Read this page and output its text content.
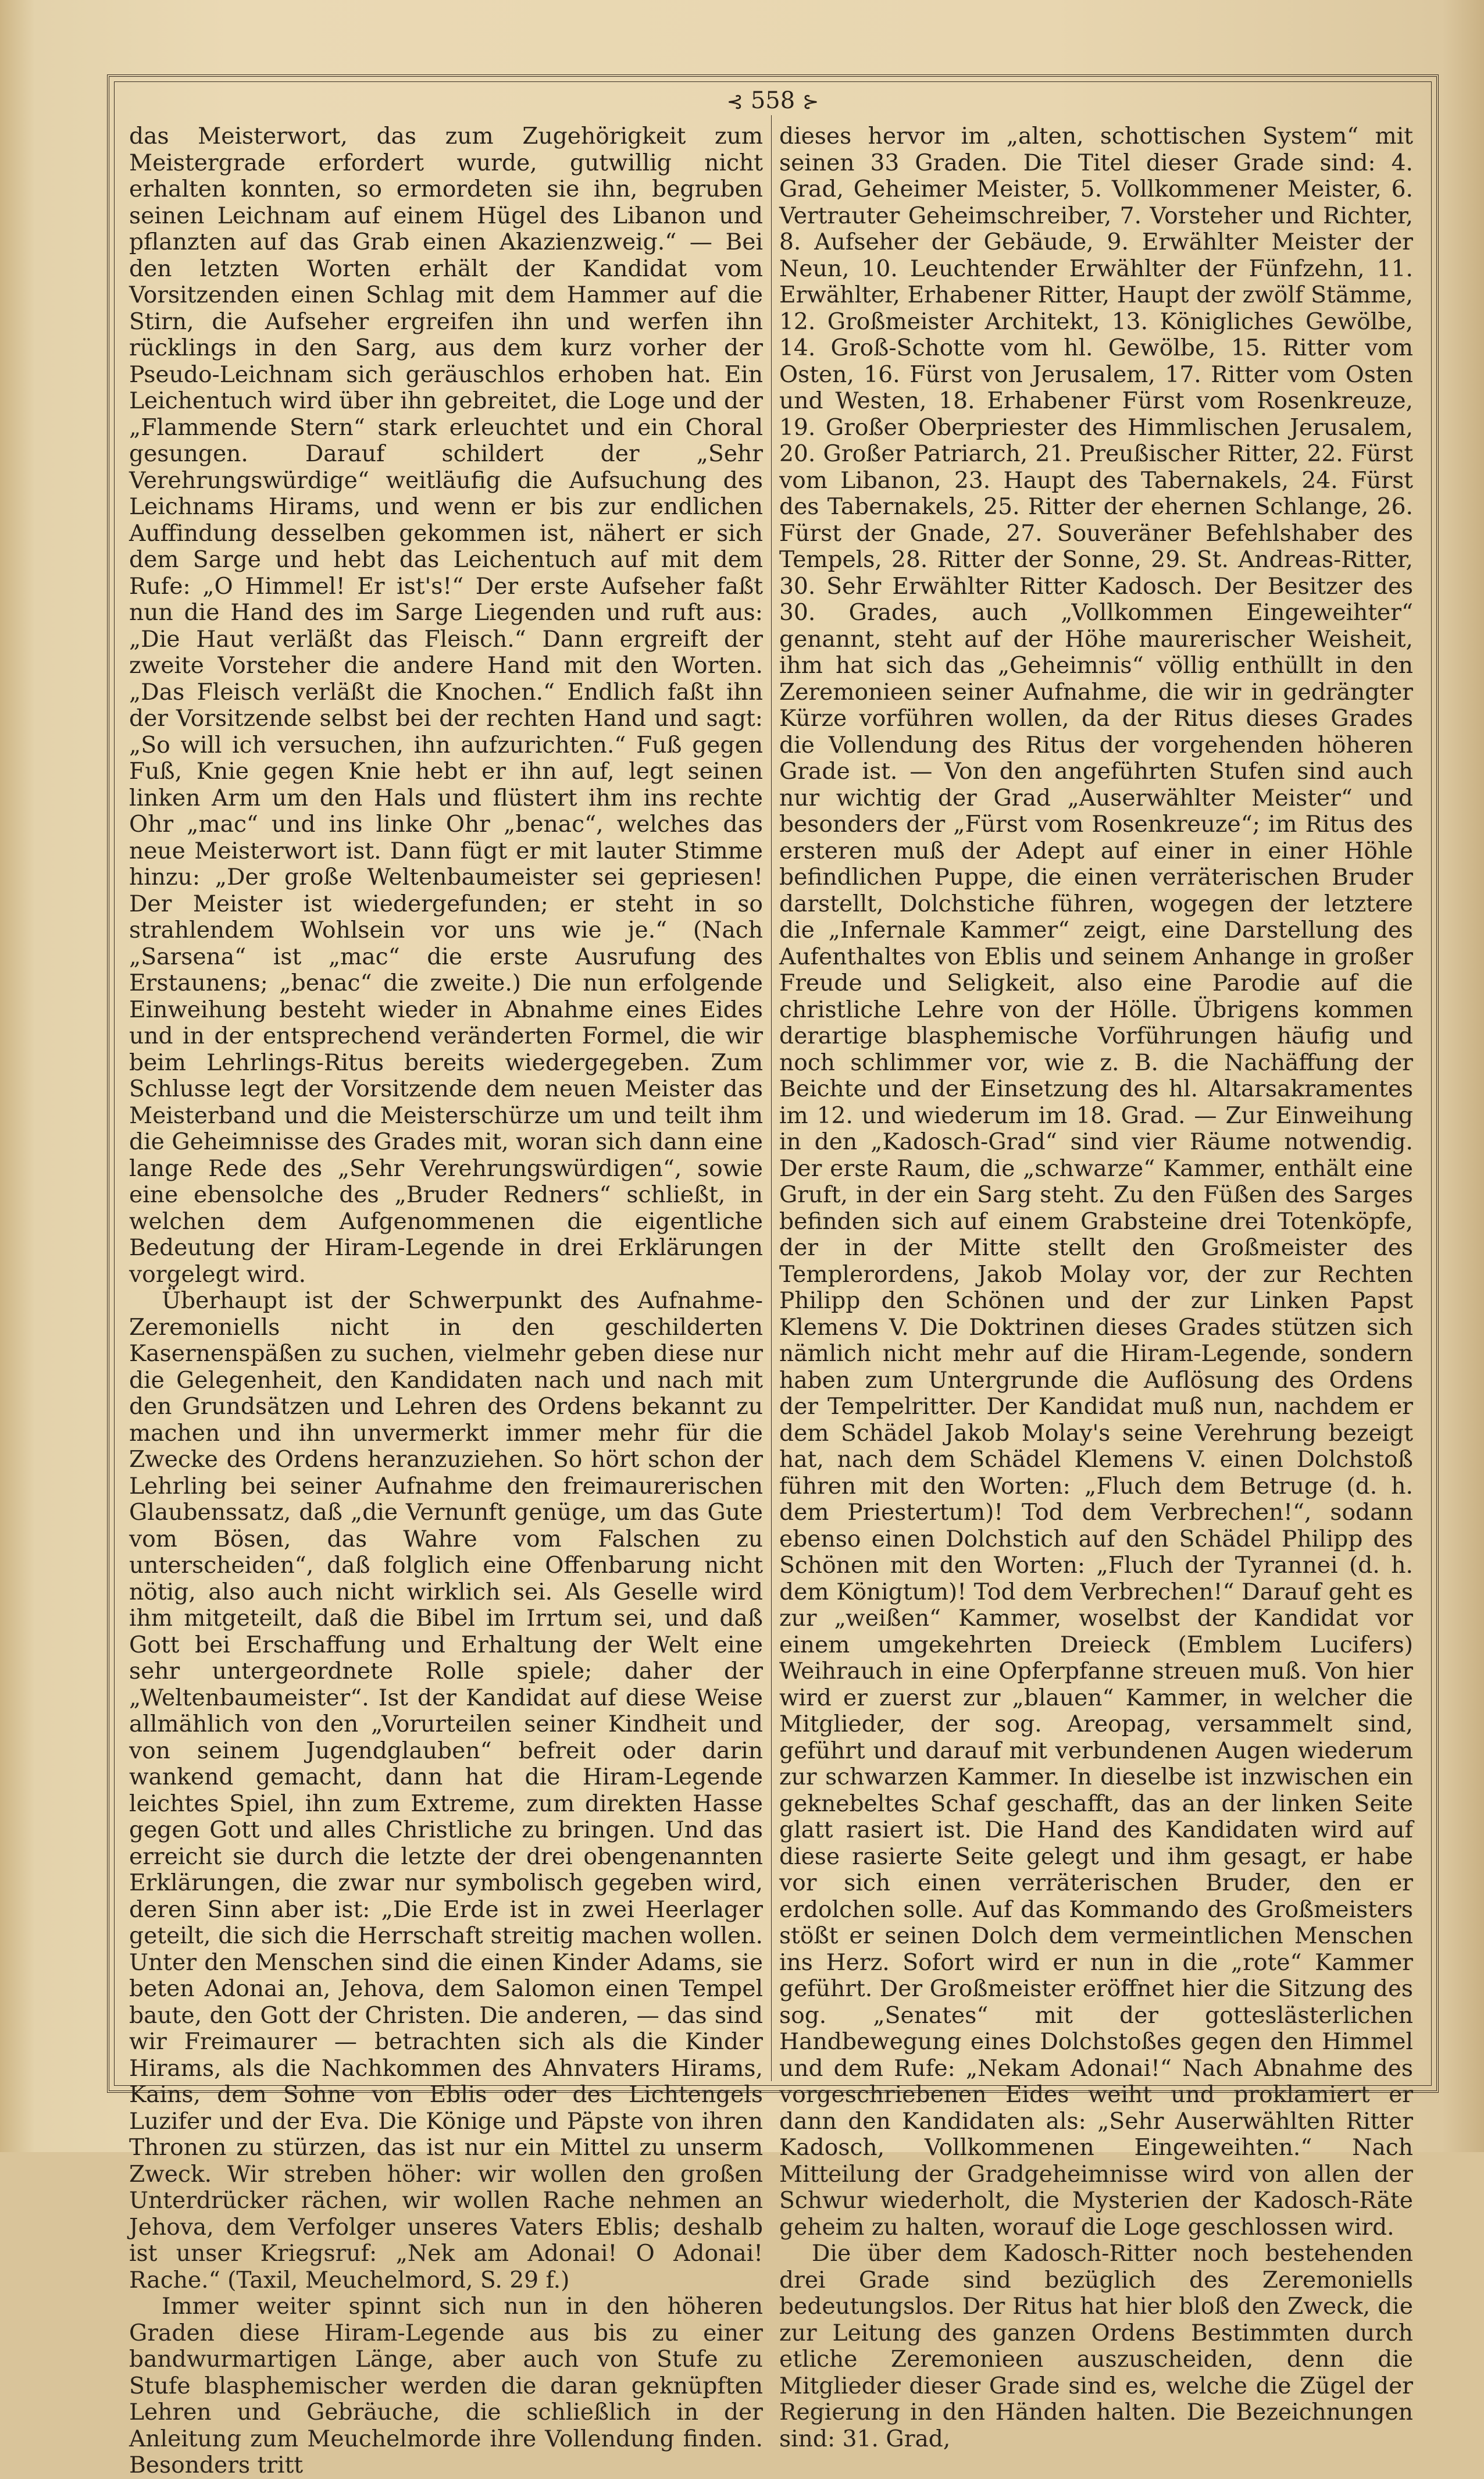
⊰ 558 ⊱

das Meisterwort, das zum Zugehörigkeit zum Meistergrade erfordert wurde, gutwillig nicht erhalten konnten, so ermordeten sie ihn, begruben seinen Leichnam auf einem Hügel des Libanon und pflanzten auf das Grab einen Akazienzweig.“ — Bei den letzten Worten erhält der Kandidat vom Vorsitzenden einen Schlag mit dem Hammer auf die Stirn, die Aufseher ergreifen ihn und werfen ihn rücklings in den Sarg, aus dem kurz vorher der Pseudo-Leichnam sich geräuschlos erhoben hat. Ein Leichentuch wird über ihn gebreitet, die Loge und der „Flammende Stern“ stark erleuchtet und ein Choral gesungen. Darauf schildert der „Sehr Verehrungswürdige“ weitläufig die Aufsuchung des Leichnams Hirams, und wenn er bis zur endlichen Auffindung desselben gekommen ist, nähert er sich dem Sarge und hebt das Leichentuch auf mit dem Rufe: „O Himmel! Er ist's!“ Der erste Aufseher faßt nun die Hand des im Sarge Liegenden und ruft aus: „Die Haut verläßt das Fleisch.“ Dann ergreift der zweite Vorsteher die andere Hand mit den Worten. „Das Fleisch verläßt die Knochen.“ Endlich faßt ihn der Vorsitzende selbst bei der rechten Hand und sagt: „So will ich versuchen, ihn aufzurichten.“ Fuß gegen Fuß, Knie gegen Knie hebt er ihn auf, legt seinen linken Arm um den Hals und flüstert ihm ins rechte Ohr „mac“ und ins linke Ohr „benac“, welches das neue Meisterwort ist. Dann fügt er mit lauter Stimme hinzu: „Der große Weltenbaumeister sei gepriesen! Der Meister ist wiedergefunden; er steht in so strahlendem Wohlsein vor uns wie je.“ (Nach „Sarsena“ ist „mac“ die erste Ausrufung des Erstaunens; „benac“ die zweite.) Die nun erfolgende Einweihung besteht wieder in Abnahme eines Eides und in der entsprechend veränderten Formel, die wir beim Lehrlings-Ritus bereits wiedergegeben. Zum Schlusse legt der Vorsitzende dem neuen Meister das Meisterband und die Meisterschürze um und teilt ihm die Geheimnisse des Grades mit, woran sich dann eine lange Rede des „Sehr Verehrungswürdigen“, sowie eine ebensolche des „Bruder Redners“ schließt, in welchen dem Aufgenommenen die eigentliche Bedeutung der Hiram-Legende in drei Erklärungen vorgelegt wird.

Überhaupt ist der Schwerpunkt des Aufnahme-Zeremoniells nicht in den geschilderten Kasernenspäßen zu suchen, vielmehr geben diese nur die Gelegenheit, den Kandidaten nach und nach mit den Grundsätzen und Lehren des Ordens bekannt zu machen und ihn unvermerkt immer mehr für die Zwecke des Ordens heranzuziehen. So hört schon der Lehrling bei seiner Aufnahme den freimaurerischen Glaubenssatz, daß „die Vernunft genüge, um das Gute vom Bösen, das Wahre vom Falschen zu unterscheiden“, daß folglich eine Offenbarung nicht nötig, also auch nicht wirklich sei. Als Geselle wird ihm mitgeteilt, daß die Bibel im Irrtum sei, und daß Gott bei Erschaffung und Erhaltung der Welt eine sehr untergeordnete Rolle spiele; daher der „Weltenbaumeister“. Ist der Kandidat auf diese Weise allmählich von den „Vorurteilen seiner Kindheit und von seinem Jugendglauben“ befreit oder darin wankend gemacht, dann hat die Hiram-Legende leichtes Spiel, ihn zum Extreme, zum direkten Hasse gegen Gott und alles Christliche zu bringen. Und das erreicht sie durch die letzte der drei obengenannten Erklärungen, die zwar nur symbolisch gegeben wird, deren Sinn aber ist: „Die Erde ist in zwei Heerlager geteilt, die sich die Herrschaft streitig machen wollen. Unter den Menschen sind die einen Kinder Adams, sie beten Adonai an, Jehova, dem Salomon einen Tempel baute, den Gott der Christen. Die anderen, — das sind wir Freimaurer — betrachten sich als die Kinder Hirams, als die Nachkommen des Ahnvaters Hirams, Kains, dem Sohne von Eblis oder des Lichtengels Luzifer und der Eva. Die Könige und Päpste von ihren Thronen zu stürzen, das ist nur ein Mittel zu unserm Zweck. Wir streben höher: wir wollen den großen Unterdrücker rächen, wir wollen Rache nehmen an Jehova, dem Verfolger unseres Vaters Eblis; deshalb ist unser Kriegsruf: „Nek am Adonai! O Adonai! Rache.“ (Taxil, Meuchelmord, S. 29 f.)

Immer weiter spinnt sich nun in den höheren Graden diese Hiram-Legende aus bis zu einer bandwurmartigen Länge, aber auch von Stufe zu Stufe blasphemischer werden die daran geknüpften Lehren und Gebräuche, die schließlich in der Anleitung zum Meuchelmorde ihre Vollendung finden. Besonders tritt

dieses hervor im „alten, schottischen System“ mit seinen 33 Graden. Die Titel dieser Grade sind: 4. Grad, Geheimer Meister, 5. Vollkommener Meister, 6. Vertrauter Geheimschreiber, 7. Vorsteher und Richter, 8. Aufseher der Gebäude, 9. Erwählter Meister der Neun, 10. Leuchtender Erwählter der Fünfzehn, 11. Erwählter, Erhabener Ritter, Haupt der zwölf Stämme, 12. Großmeister Architekt, 13. Königliches Gewölbe, 14. Groß-Schotte vom hl. Gewölbe, 15. Ritter vom Osten, 16. Fürst von Jerusalem, 17. Ritter vom Osten und Westen, 18. Erhabener Fürst vom Rosenkreuze, 19. Großer Oberpriester des Himmlischen Jerusalem, 20. Großer Patriarch, 21. Preußischer Ritter, 22. Fürst vom Libanon, 23. Haupt des Tabernakels, 24. Fürst des Tabernakels, 25. Ritter der ehernen Schlange, 26. Fürst der Gnade, 27. Souveräner Befehlshaber des Tempels, 28. Ritter der Sonne, 29. St. Andreas-Ritter, 30. Sehr Erwählter Ritter Kadosch. Der Besitzer des 30. Grades, auch „Vollkommen Eingeweihter“ genannt, steht auf der Höhe maurerischer Weisheit, ihm hat sich das „Geheimnis“ völlig enthüllt in den Zeremonieen seiner Aufnahme, die wir in gedrängter Kürze vorführen wollen, da der Ritus dieses Grades die Vollendung des Ritus der vorgehenden höheren Grade ist. — Von den angeführten Stufen sind auch nur wichtig der Grad „Auserwählter Meister“ und besonders der „Fürst vom Rosenkreuze“; im Ritus des ersteren muß der Adept auf einer in einer Höhle befindlichen Puppe, die einen verräterischen Bruder darstellt, Dolchstiche führen, wogegen der letztere die „Infernale Kammer“ zeigt, eine Darstellung des Aufenthaltes von Eblis und seinem Anhange in großer Freude und Seligkeit, also eine Parodie auf die christliche Lehre von der Hölle. Übrigens kommen derartige blasphemische Vorführungen häufig und noch schlimmer vor, wie z. B. die Nachäffung der Beichte und der Einsetzung des hl. Altarsakramentes im 12. und wiederum im 18. Grad. — Zur Einweihung in den „Kadosch-Grad“ sind vier Räume notwendig. Der erste Raum, die „schwarze“ Kammer, enthält eine Gruft, in der ein Sarg steht. Zu den Füßen des Sarges befinden sich auf einem Grabsteine drei Totenköpfe, der in der Mitte stellt den Großmeister des Templerordens, Jakob Molay vor, der zur Rechten Philipp den Schönen und der zur Linken Papst Klemens V. Die Doktrinen dieses Grades stützen sich nämlich nicht mehr auf die Hiram-Legende, sondern haben zum Untergrunde die Auflösung des Ordens der Tempelritter. Der Kandidat muß nun, nachdem er dem Schädel Jakob Molay's seine Verehrung bezeigt hat, nach dem Schädel Klemens V. einen Dolchstoß führen mit den Worten: „Fluch dem Betruge (d. h. dem Priestertum)! Tod dem Verbrechen!“, sodann ebenso einen Dolchstich auf den Schädel Philipp des Schönen mit den Worten: „Fluch der Tyrannei (d. h. dem Königtum)! Tod dem Verbrechen!“ Darauf geht es zur „weißen“ Kammer, woselbst der Kandidat vor einem umgekehrten Dreieck (Emblem Lucifers) Weihrauch in eine Opferpfanne streuen muß. Von hier wird er zuerst zur „blauen“ Kammer, in welcher die Mitglieder, der sog. Areopag, versammelt sind, geführt und darauf mit verbundenen Augen wiederum zur schwarzen Kammer. In dieselbe ist inzwischen ein geknebeltes Schaf geschafft, das an der linken Seite glatt rasiert ist. Die Hand des Kandidaten wird auf diese rasierte Seite gelegt und ihm gesagt, er habe vor sich einen verräterischen Bruder, den er erdolchen solle. Auf das Kommando des Großmeisters stößt er seinen Dolch dem vermeintlichen Menschen ins Herz. Sofort wird er nun in die „rote“ Kammer geführt. Der Großmeister eröffnet hier die Sitzung des sog. „Senates“ mit der gotteslästerlichen Handbewegung eines Dolchstoßes gegen den Himmel und dem Rufe: „Nekam Adonai!“ Nach Abnahme des vorgeschriebenen Eides weiht und proklamiert er dann den Kandidaten als: „Sehr Auserwählten Ritter Kadosch, Vollkommenen Eingeweihten.“ Nach Mitteilung der Gradgeheimnisse wird von allen der Schwur wiederholt, die Mysterien der Kadosch-Räte geheim zu halten, worauf die Loge geschlossen wird.

Die über dem Kadosch-Ritter noch bestehenden drei Grade sind bezüglich des Zeremoniells bedeutungslos. Der Ritus hat hier bloß den Zweck, die zur Leitung des ganzen Ordens Bestimmten durch etliche Zeremonieen auszuscheiden, denn die Mitglieder dieser Grade sind es, welche die Zügel der Regierung in den Händen halten. Die Bezeichnungen sind: 31. Grad,
